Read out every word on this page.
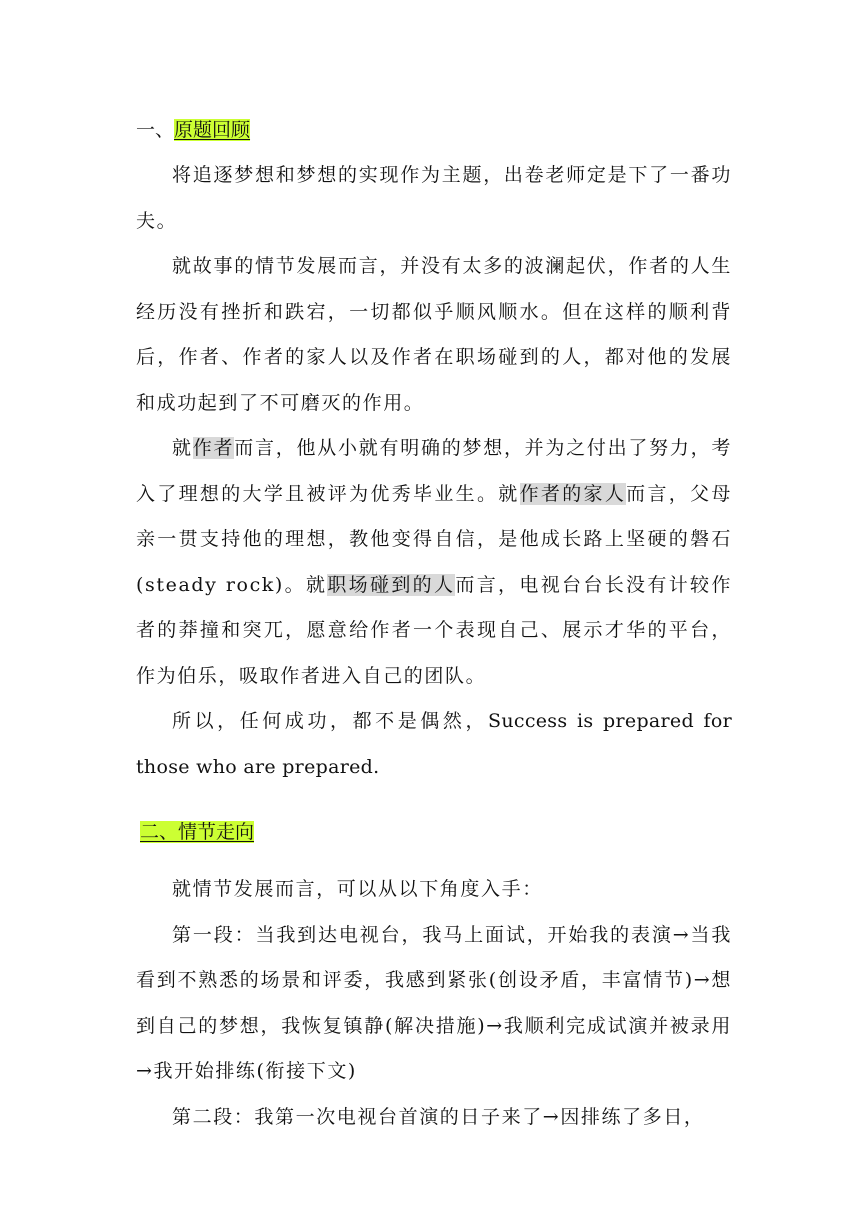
一、原题回顾

将追逐梦想和梦想的实现作为主题，出卷老师定是下了一番功夫。

就故事的情节发展而言，并没有太多的波澜起伏，作者的人生经历没有挫折和跌宕，一切都似乎顺风顺水。但在这样的顺利背后，作者、作者的家人以及作者在职场碰到的人，都对他的发展和成功起到了不可磨灭的作用。

就作者而言，他从小就有明确的梦想，并为之付出了努力，考入了理想的大学且被评为优秀毕业生。就作者的家人而言，父母亲一贯支持他的理想，教他变得自信，是他成长路上坚硬的磐石(steady rock)。就职场碰到的人而言，电视台台长没有计较作者的莽撞和突兀，愿意给作者一个表现自己、展示才华的平台，作为伯乐，吸取作者进入自己的团队。

所以，任何成功，都不是偶然，Success is prepared for those who are prepared.

二、情节走向

就情节发展而言，可以从以下角度入手：

第一段：当我到达电视台，我马上面试，开始我的表演→当我看到不熟悉的场景和评委，我感到紧张(创设矛盾，丰富情节)→想到自己的梦想，我恢复镇静(解决措施)→我顺利完成试演并被录用→我开始排练(衔接下文)

第二段：我第一次电视台首演的日子来了→因排练了多日，
